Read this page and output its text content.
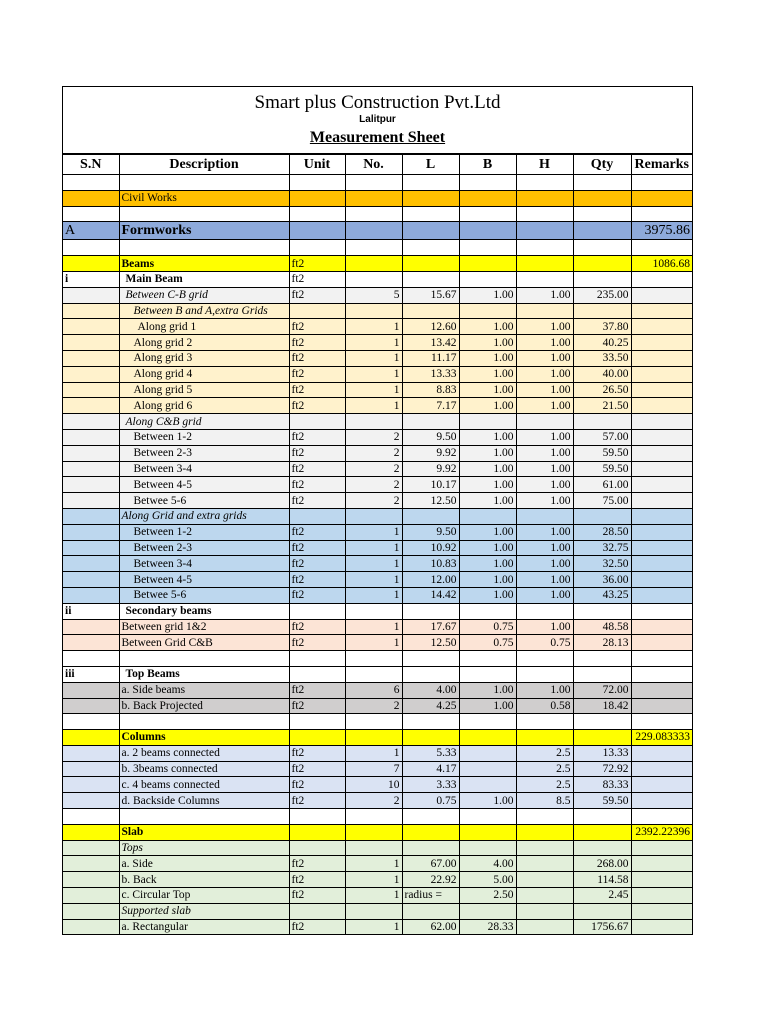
Smart plus Construction Pvt.Ltd
Lalitpur
Measurement Sheet
S.N	Description	Unit	No.	L	B	H	Qty	Remarks

	Civil Works							

A	Formworks							3975.86

	Beams	ft2						1086.68
i	Main Beam	ft2						
	Between C-B grid	ft2	5	15.67	1.00	1.00	235.00	
	Between B and A,extra Grids							
	Along grid 1	ft2	1	12.60	1.00	1.00	37.80	
	Along grid 2	ft2	1	13.42	1.00	1.00	40.25	
	Along grid 3	ft2	1	11.17	1.00	1.00	33.50	
	Along grid 4	ft2	1	13.33	1.00	1.00	40.00	
	Along grid 5	ft2	1	8.83	1.00	1.00	26.50	
	Along grid 6	ft2	1	7.17	1.00	1.00	21.50	
	Along C&B grid							
	Between 1-2	ft2	2	9.50	1.00	1.00	57.00	
	Between 2-3	ft2	2	9.92	1.00	1.00	59.50	
	Between 3-4	ft2	2	9.92	1.00	1.00	59.50	
	Between 4-5	ft2	2	10.17	1.00	1.00	61.00	
	Betwee 5-6	ft2	2	12.50	1.00	1.00	75.00	
	Along Grid and extra grids							
	Between 1-2	ft2	1	9.50	1.00	1.00	28.50	
	Between 2-3	ft2	1	10.92	1.00	1.00	32.75	
	Between 3-4	ft2	1	10.83	1.00	1.00	32.50	
	Between 4-5	ft2	1	12.00	1.00	1.00	36.00	
	Betwee 5-6	ft2	1	14.42	1.00	1.00	43.25	
ii	Secondary beams							
	Between grid 1&2	ft2	1	17.67	0.75	1.00	48.58	
	Between Grid C&B	ft2	1	12.50	0.75	0.75	28.13	

iii	Top Beams							
	a. Side beams	ft2	6	4.00	1.00	1.00	72.00	
	b. Back Projected	ft2	2	4.25	1.00	0.58	18.42	

	Columns							229.083333
	a. 2 beams connected	ft2	1	5.33		2.5	13.33	
	b. 3beams connected	ft2	7	4.17		2.5	72.92	
	c. 4 beams connected	ft2	10	3.33		2.5	83.33	
	d. Backside Columns	ft2	2	0.75	1.00	8.5	59.50	

	Slab							2392.22396
	Tops							
	a. Side	ft2	1	67.00	4.00		268.00	
	b. Back	ft2	1	22.92	5.00		114.58	
	c. Circular Top	ft2	1	radius =	2.50		2.45	
	Supported slab							
	a. Rectangular	ft2	1	62.00	28.33		1756.67	
